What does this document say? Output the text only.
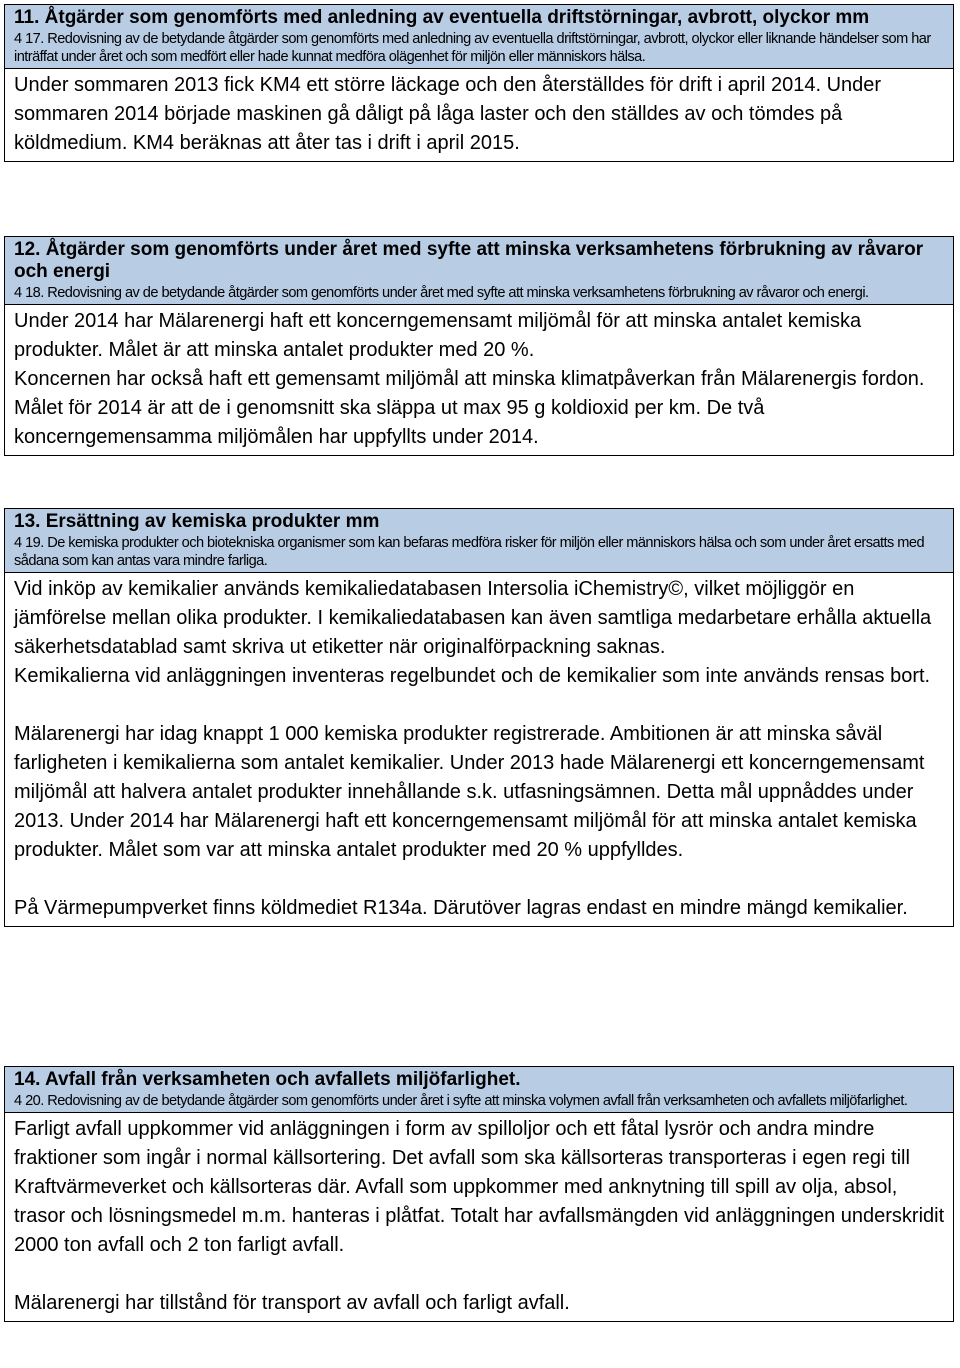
11. Åtgärder som genomförts med anledning av eventuella driftstörningar, avbrott, olyckor mm
4 17. Redovisning av de betydande åtgärder som genomförts med anledning av eventuella driftstörningar, avbrott, olyckor eller liknande händelser som har inträffat under året och som medfört eller hade kunnat medföra olägenhet för miljön eller människors hälsa.

Under sommaren 2013 fick KM4 ett större läckage och den återställdes för drift i april 2014. Under sommaren 2014 började maskinen gå dåligt på låga laster och den ställdes av och tömdes på köldmedium. KM4 beräknas att åter tas i drift i april 2015.

12. Åtgärder som genomförts under året med syfte att minska verksamhetens förbrukning av råvaror och energi
4 18. Redovisning av de betydande åtgärder som genomförts under året med syfte att minska verksamhetens förbrukning av råvaror och energi.

Under 2014 har Mälarenergi haft ett koncerngemensamt miljömål för att minska antalet kemiska produkter. Målet är att minska antalet produkter med 20 %.

Koncernen har också haft ett gemensamt miljömål att minska klimatpåverkan från Mälarenergis fordon. Målet för 2014 är att de i genomsnitt ska släppa ut max 95 g koldioxid per km. De två koncerngemensamma miljömålen har uppfyllts under 2014.

13. Ersättning av kemiska produkter mm
4 19. De kemiska produkter och biotekniska organismer som kan befaras medföra risker för miljön eller människors hälsa och som under året ersatts med sådana som kan antas vara mindre farliga.

Vid inköp av kemikalier används kemikaliedatabasen Intersolia iChemistry©, vilket möjliggör en jämförelse mellan olika produkter. I kemikaliedatabasen kan även samtliga medarbetare erhålla aktuella säkerhetsdatablad samt skriva ut etiketter när originalförpackning saknas.

Kemikalierna vid anläggningen inventeras regelbundet och de kemikalier som inte används rensas bort.

Mälarenergi har idag knappt 1 000 kemiska produkter registrerade. Ambitionen är att minska såväl farligheten i kemikalierna som antalet kemikalier. Under 2013 hade Mälarenergi ett koncerngemensamt miljömål att halvera antalet produkter innehållande s.k. utfasningsämnen. Detta mål uppnåddes under 2013. Under 2014 har Mälarenergi haft ett koncerngemensamt miljömål för att minska antalet kemiska produkter. Målet som var att minska antalet produkter med 20 % uppfylldes.

På Värmepumpverket finns köldmediet R134a. Därutöver lagras endast en mindre mängd kemikalier.

14. Avfall från verksamheten och avfallets miljöfarlighet.
4 20. Redovisning av de betydande åtgärder som genomförts under året i syfte att minska volymen avfall från verksamheten och avfallets miljöfarlighet.

Farligt avfall uppkommer vid anläggningen i form av spilloljor och ett fåtal lysrör och andra mindre fraktioner som ingår i normal källsortering. Det avfall som ska källsorteras transporteras i egen regi till Kraftvärmeverket och källsorteras där. Avfall som uppkommer med anknytning till spill av olja, absol, trasor och lösningsmedel m.m. hanteras i plåtfat. Totalt har avfallsmängden vid anläggningen underskridit 2000 ton avfall och 2 ton farligt avfall.

Mälarenergi har tillstånd för transport av avfall och farligt avfall.
